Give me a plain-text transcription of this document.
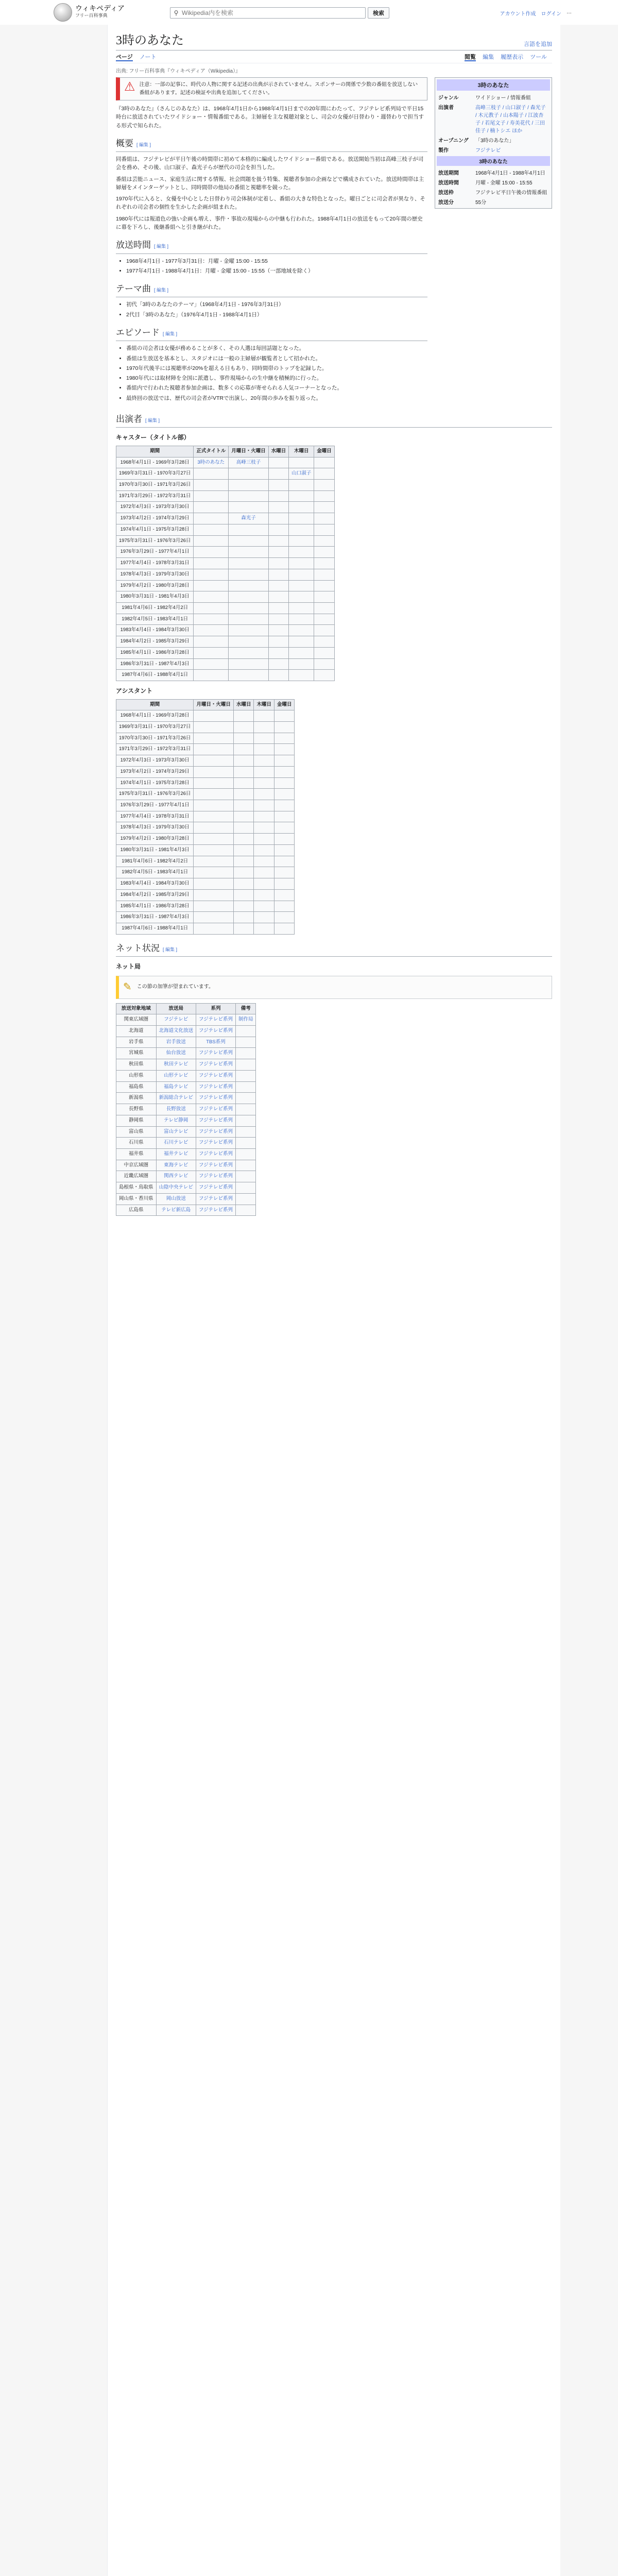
ウィキペディア
フリー百科事典	⚲
Wikipedia内を検索	検索	アカウント作成 ログイン …
3時のあなた	言語を追加
ページ ノート	閲覧 編集 履歴表示 ツール
出典: フリー百科事典『ウィキペディア（Wikipedia）』
⚠ 注意：一部の記事に、時代の人物に関する記述の出典が示されていません。スポンサーの関係で少数の番組を放送しない番組があります。記述の検証や出典を追加してください。

『3時のあなた』（さんじのあなた）は、1968年4月1日から1988年4月1日までの20年間にわたって、フジテレビ系列局で平日15時台に放送されていたワイドショー・情報番組である。主婦層を主な視聴対象とし、司会の女優が日替わり・週替わりで担当する形式で知られた。

概要 [ 編集 ]

同番組は、フジテレビが平日午後の時間帯に初めて本格的に編成したワイドショー番組である。放送開始当初は高峰三枝子が司会を務め、その後、山口淑子、森光子らが歴代の司会を担当した。

番組は芸能ニュース、家庭生活に関する情報、社会問題を扱う特集、視聴者参加の企画などで構成されていた。放送時間帯は主婦層をメインターゲットとし、同時間帯の他局の番組と視聴率を競った。

1970年代に入ると、女優を中心とした日替わり司会体制が定着し、番組の大きな特色となった。曜日ごとに司会者が異なり、それぞれの司会者の個性を生かした企画が組まれた。

1980年代には報道色の強い企画も増え、事件・事故の現場からの中継も行われた。1988年4月1日の放送をもって20年間の歴史に幕を下ろし、後継番組へと引き継がれた。

放送時間 [ 編集 ]
• 1968年4月1日 - 1977年3月31日：月曜 - 金曜 15:00 - 15:55
• 1977年4月1日 - 1988年4月1日：月曜 - 金曜 15:00 - 15:55（一部地域を除く）
テーマ曲 [ 編集 ]
• 初代「3時のあなたのテーマ」（1968年4月1日 - 1976年3月31日）
• 2代目「3時のあなた」（1976年4月1日 - 1988年4月1日）
エピソード [ 編集 ]
• 番組の司会者は女優が務めることが多く、その人選は毎回話題となった。
• 番組は生放送を基本とし、スタジオには一般の主婦層が観覧者として招かれた。
• 1970年代後半には視聴率が20%を超える日もあり、同時間帯のトップを記録した。
• 1980年代には取材陣を全国に派遣し、事件現場からの生中継を積極的に行った。
• 番組内で行われた視聴者参加企画は、数多くの応募が寄せられる人気コーナーとなった。
• 最終回の放送では、歴代の司会者がVTRで出演し、20年間の歩みを振り返った。
3時のあなた
ジャンル	ワイドショー / 情報番組
出演者	高峰三枝子 / 山口淑子 / 森光子 / 木元教子 / 山本陽子 / 江波杏子 / 若尾文子 / 寿美花代 / 三田佳子 / 楠トシエ ほか
オープニング	「3時のあなた」
製作	フジテレビ
3時のあなた
放送期間	1968年4月1日 - 1988年4月1日
放送時間	月曜 - 金曜 15:00 - 15:55
放送枠	フジテレビ平日午後の情報番組
放送分	55分
出演者 [ 編集 ]
キャスター（タイトル部）
期間	正式タイトル	月曜日・火曜日	水曜日	木曜日	金曜日
1968年4月1日 - 1969年3月28日	3時のあなた	高峰三枝子			
1969年3月31日 - 1970年3月27日				山口淑子	
1970年3月30日 - 1971年3月26日					
1971年3月29日 - 1972年3月31日					
1972年4月3日 - 1973年3月30日					
1973年4月2日 - 1974年3月29日		森光子			
1974年4月1日 - 1975年3月28日					
1975年3月31日 - 1976年3月26日					
1976年3月29日 - 1977年4月1日					
1977年4月4日 - 1978年3月31日					
1978年4月3日 - 1979年3月30日					
1979年4月2日 - 1980年3月28日					
1980年3月31日 - 1981年4月3日					
1981年4月6日 - 1982年4月2日					
1982年4月5日 - 1983年4月1日					
1983年4月4日 - 1984年3月30日					
1984年4月2日 - 1985年3月29日					
1985年4月1日 - 1986年3月28日					
1986年3月31日 - 1987年4月3日					
1987年4月6日 - 1988年4月1日					
アシスタント
期間	月曜日・火曜日	水曜日	木曜日	金曜日
1968年4月1日 - 1969年3月28日				
1969年3月31日 - 1970年3月27日				
1970年3月30日 - 1971年3月26日				
1971年3月29日 - 1972年3月31日				
1972年4月3日 - 1973年3月30日				
1973年4月2日 - 1974年3月29日				
1974年4月1日 - 1975年3月28日				
1975年3月31日 - 1976年3月26日				
1976年3月29日 - 1977年4月1日				
1977年4月4日 - 1978年3月31日				
1978年4月3日 - 1979年3月30日				
1979年4月2日 - 1980年3月28日				
1980年3月31日 - 1981年4月3日				
1981年4月6日 - 1982年4月2日				
1982年4月5日 - 1983年4月1日				
1983年4月4日 - 1984年3月30日				
1984年4月2日 - 1985年3月29日				
1985年4月1日 - 1986年3月28日				
1986年3月31日 - 1987年4月3日				
1987年4月6日 - 1988年4月1日				
ネット状況 [ 編集 ]
ネット局
✎ この節の加筆が望まれています。
放送対象地域	放送局	系列	備考
関東広域圏	フジテレビ	フジテレビ系列	制作局
北海道	北海道文化放送	フジテレビ系列	
岩手県	岩手放送	TBS系列	
宮城県	仙台放送	フジテレビ系列	
秋田県	秋田テレビ	フジテレビ系列	
山形県	山形テレビ	フジテレビ系列	
福島県	福島テレビ	フジテレビ系列	
新潟県	新潟総合テレビ	フジテレビ系列	
長野県	長野放送	フジテレビ系列	
静岡県	テレビ静岡	フジテレビ系列	
富山県	富山テレビ	フジテレビ系列	
石川県	石川テレビ	フジテレビ系列	
福井県	福井テレビ	フジテレビ系列	
中京広域圏	東海テレビ	フジテレビ系列	
近畿広域圏	関西テレビ	フジテレビ系列	
島根県・鳥取県	山陰中央テレビ	フジテレビ系列	
岡山県・香川県	岡山放送	フジテレビ系列	
広島県	テレビ新広島	フジテレビ系列	
